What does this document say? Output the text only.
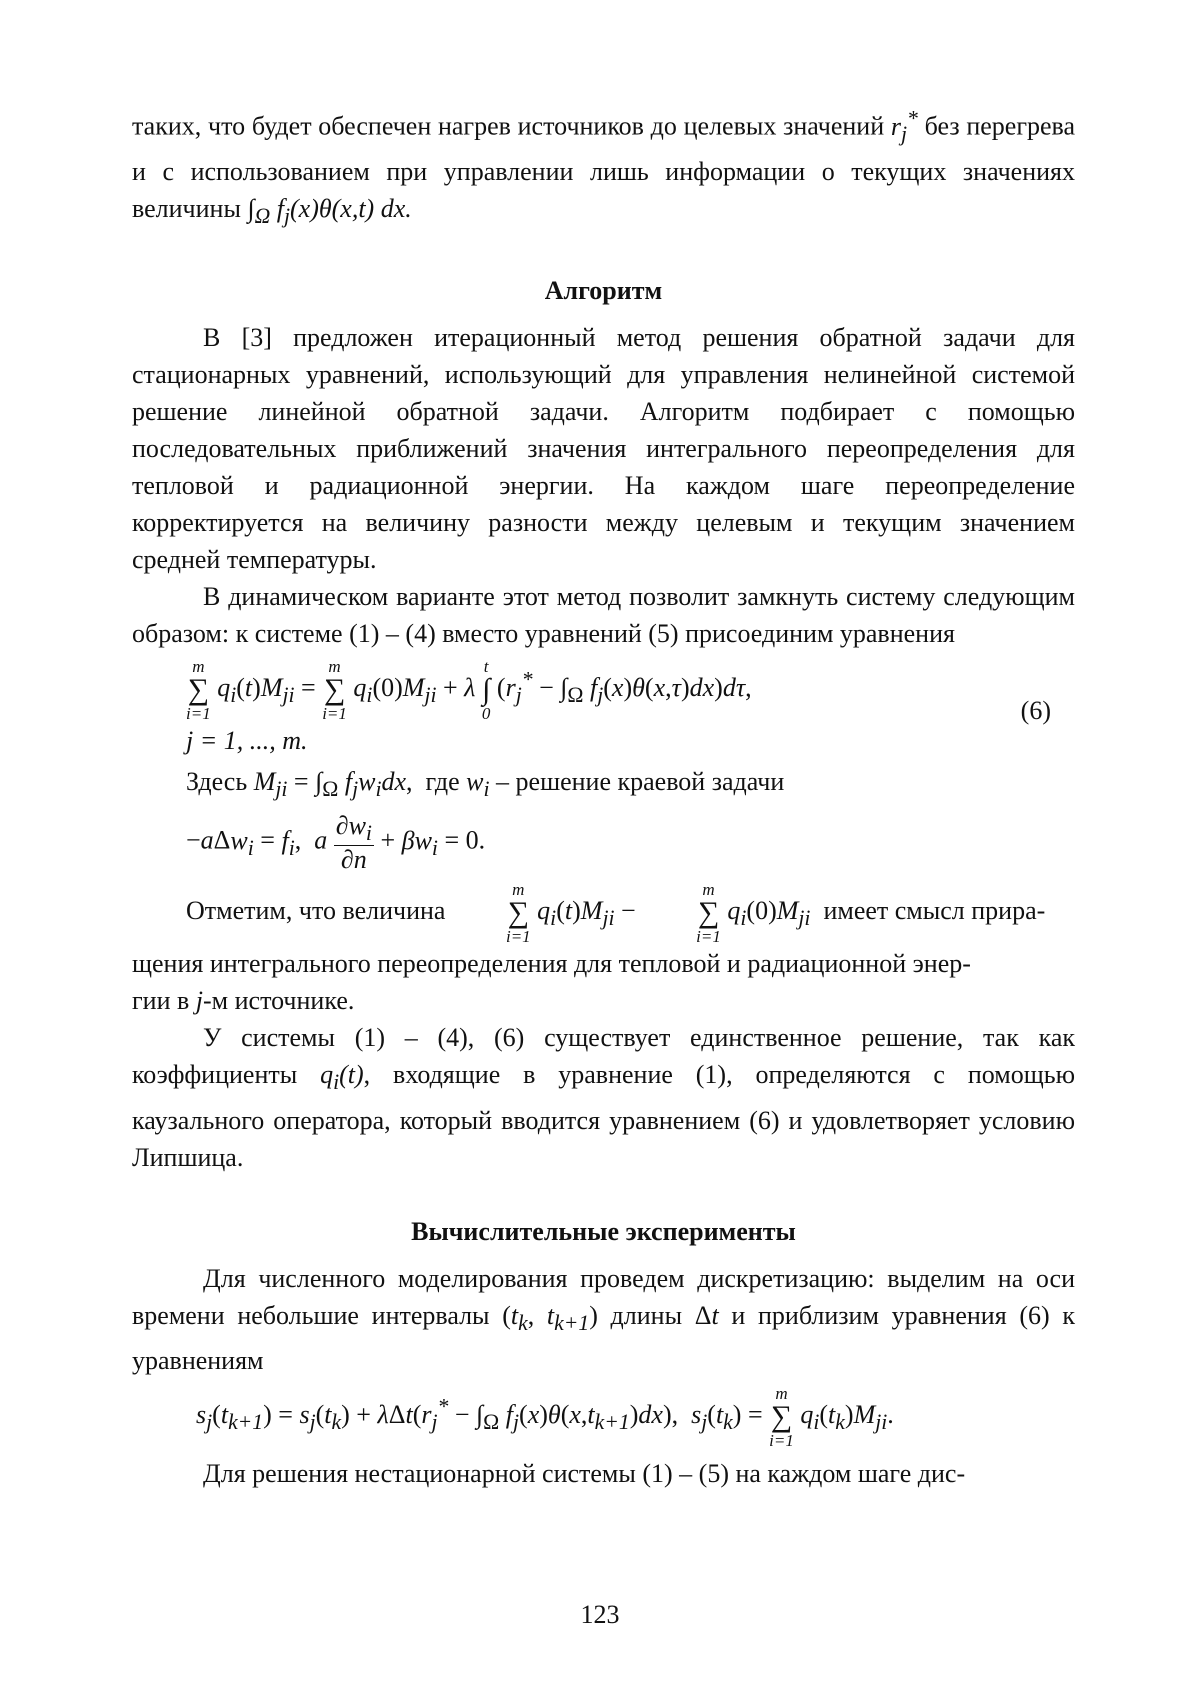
таких, что будет обеспечен нагрев источников до целевых значений $r_j^*$ без перегрева и с использованием при управлении лишь информации о текущих значениях величины $\int_\Omega$ $f_j(x)\theta(x,t)$ dx.

Алгоритм

В [3] предложен итерационный метод решения обратной задачи для стационарных уравнений, использующий для управления нелинейной системой решение линейной обратной задачи. Алгоритм подбирает с помощью последовательных приближений значения интегрального переопределения для тепловой и радиационной энергии. На каждом шаге переопределение корректируется на величину разности между целевым и текущим значением средней температуры.

В динамическом варианте этот метод позволит замкнуть систему следующим образом: к системе (1) – (4) вместо уравнений (5) присоединим уравнения

m
∑
i=1
$q_i(t)M_{ji}$ =
m
∑
i=1
$q_i(0)M_{ji} + \lambda$
t
∫
0
($r_j^* - \int_\Omega$ $f_j(x)\theta(x,\tau)dx)d\tau$,
(6)
j = 1, ..., m.

Здесь $M_{ji} = \int_\Omega$ $f_jw_idx$,  где $w_i$ – решение краевой задачи

$-a\Delta w_i = f_i$,  a $\frac{\partial w_i}{\partial n} + \beta w_i = 0$.

Отметим, что величина
m
∑
i=1
$q_i(t)M_{ji}$ −
m
∑
i=1
$q_i(0)M_{ji}$ имеет смысл прира-
щения интегрального переопределения для тепловой и радиационной энер-
гии в j-м источнике.

У системы (1) – (4), (6) существует единственное решение, так как коэффициенты $q_i(t)$, входящие в уравнение (1), определяются с помощью каузального оператора, который вводится уравнением (6) и удовлетворяет условию Липшица.

Вычислительные эксперименты

Для численного моделирования проведем дискретизацию: выделим на оси времени небольшие интервалы ($t_k$, $t_{k+1}$) длины Δt и приблизим уравнения (6) к уравнениям

$s_j(t_{k+1}) = s_j(t_k) + \lambda\Delta t(r_j^* - \int_\Omega$ $f_j(x)\theta(x,t_{k+1})dx$),  $s_j(t_k)$ =
m
∑
i=1
$q_i(t_k)M_{ji}$.

Для решения нестационарной системы (1) – (5) на каждом шаге дис-

123
